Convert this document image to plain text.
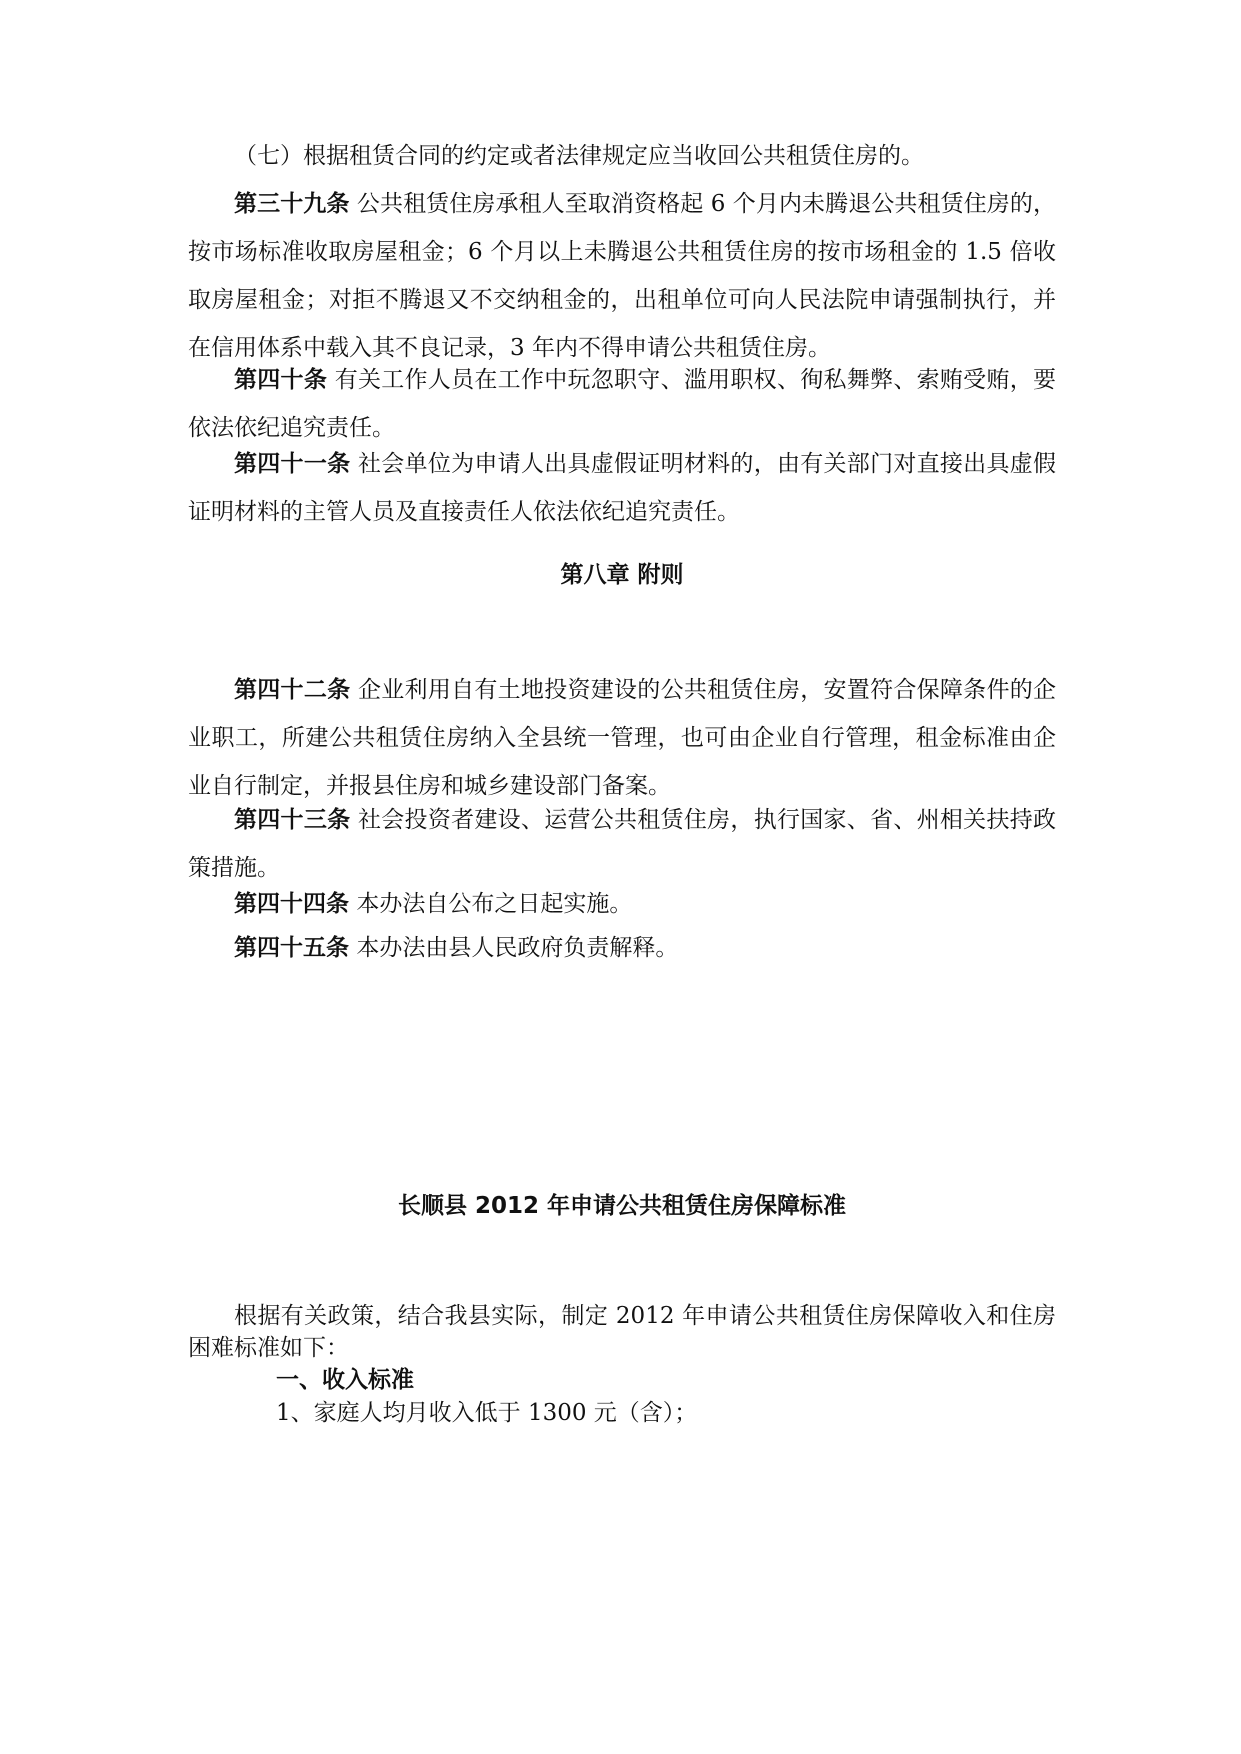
（七）根据租赁合同的约定或者法律规定应当收回公共租赁住房的。

第三十九条 公共租赁住房承租人至取消资格起 6 个月内未腾退公共租赁住房的，按市场标准收取房屋租金；6 个月以上未腾退公共租赁住房的按市场租金的 1.5 倍收取房屋租金；对拒不腾退又不交纳租金的，出租单位可向人民法院申请强制执行，并在信用体系中载入其不良记录，3 年内不得申请公共租赁住房。

第四十条 有关工作人员在工作中玩忽职守、滥用职权、徇私舞弊、索贿受贿，要依法依纪追究责任。

第四十一条 社会单位为申请人出具虚假证明材料的，由有关部门对直接出具虚假证明材料的主管人员及直接责任人依法依纪追究责任。

第八章 附则

第四十二条 企业利用自有土地投资建设的公共租赁住房，安置符合保障条件的企业职工，所建公共租赁住房纳入全县统一管理，也可由企业自行管理，租金标准由企业自行制定，并报县住房和城乡建设部门备案。

第四十三条 社会投资者建设、运营公共租赁住房，执行国家、省、州相关扶持政策措施。

第四十四条 本办法自公布之日起实施。

第四十五条 本办法由县人民政府负责解释。

长顺县 2012 年申请公共租赁住房保障标准

根据有关政策，结合我县实际，制定 2012 年申请公共租赁住房保障收入和住房困难标准如下：

一、收入标准

1、家庭人均月收入低于 1300 元（含）；
